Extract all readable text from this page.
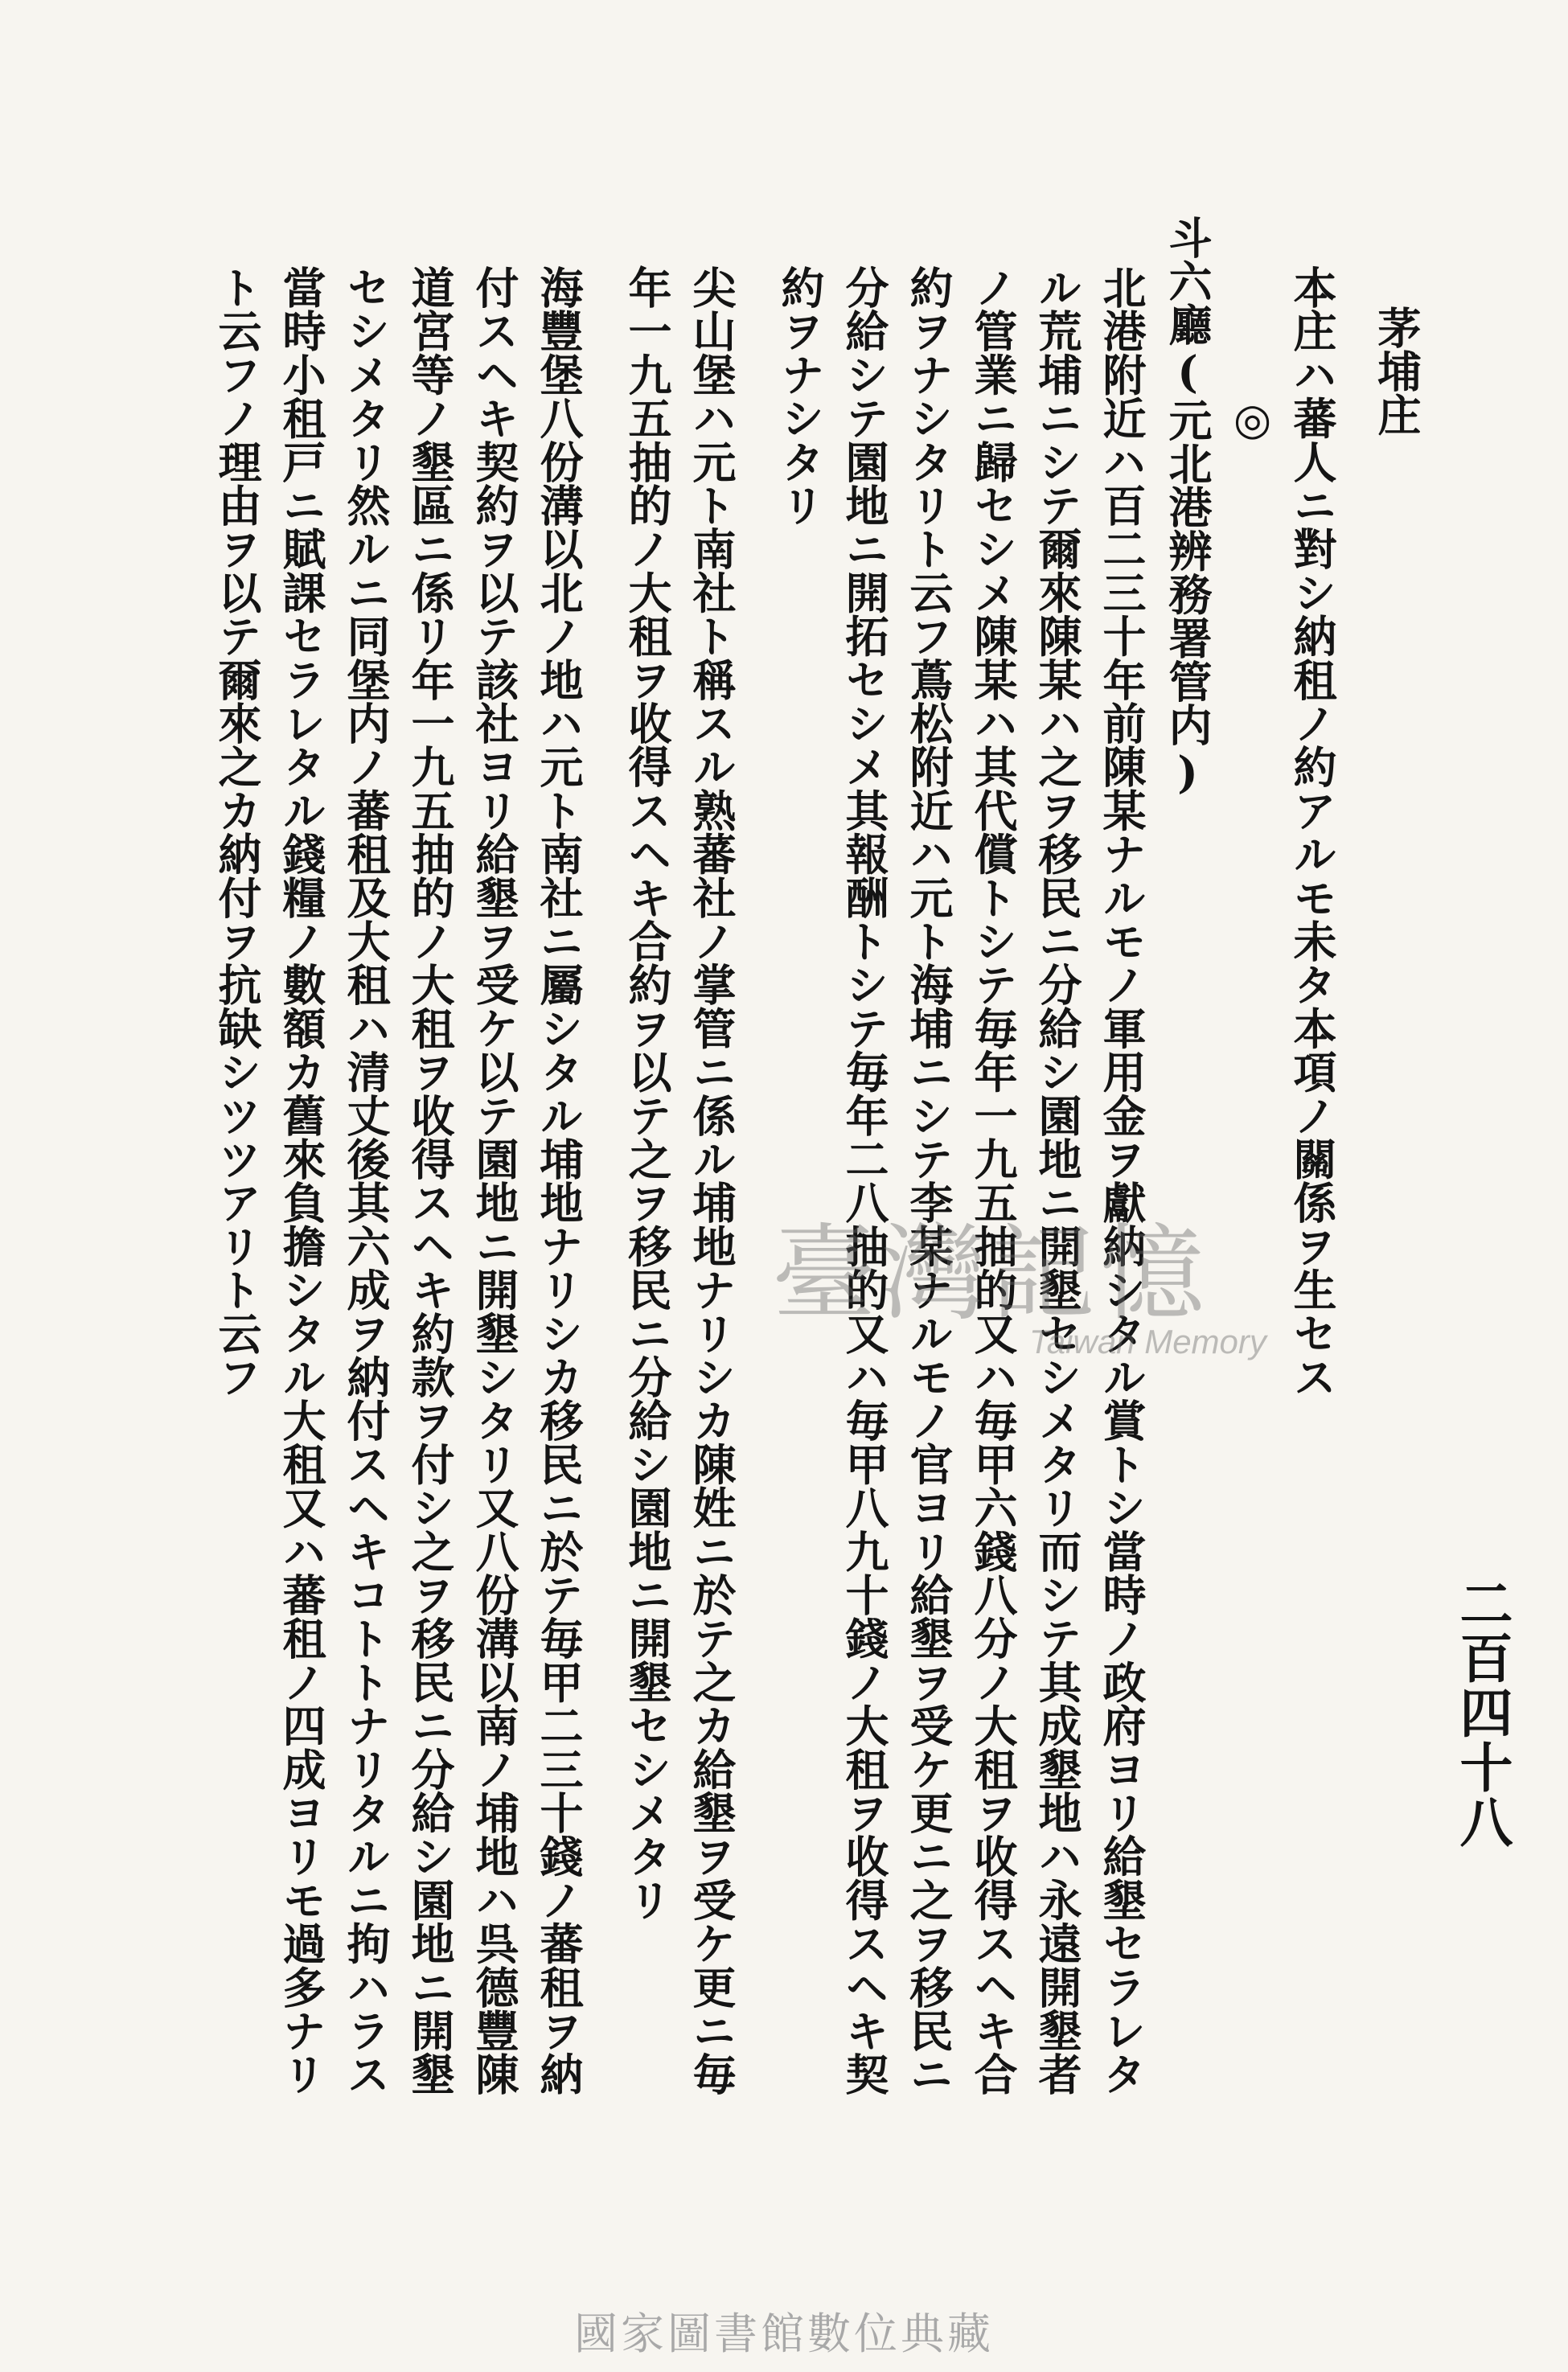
二百四十八
茅埔庄
本庄ハ蕃人ニ對シ納租ノ約アルモ未タ本項ノ關係ヲ生セス
◎
斗六廳(元北港辨務署管内)
北港附近ハ百二三十年前陳某ナルモノ軍用金ヲ獻納シタル賞トシ當時ノ政府ヨリ給墾セラレタ
ル荒埔ニシテ爾來陳某ハ之ヲ移民ニ分給シ園地ニ開墾セシメタリ而シテ其成墾地ハ永遠開墾者
ノ管業ニ歸セシメ陳某ハ其代償トシテ毎年一九五抽的又ハ毎甲六錢八分ノ大租ヲ收得スヘキ合
約ヲナシタリト云フ蔦松附近ハ元ト海埔ニシテ李某ナルモノ官ヨリ給墾ヲ受ケ更ニ之ヲ移民ニ
分給シテ園地ニ開拓セシメ其報酬トシテ毎年二八抽的又ハ毎甲八九十錢ノ大租ヲ收得スヘキ契
約ヲナシタリ
尖山堡ハ元ト南社ト稱スル熟蕃社ノ掌管ニ係ル埔地ナリシカ陳姓ニ於テ之カ給墾ヲ受ケ更ニ毎
年一九五抽的ノ大租ヲ收得スヘキ合約ヲ以テ之ヲ移民ニ分給シ園地ニ開墾セシメタリ
海豐堡八份溝以北ノ地ハ元ト南社ニ屬シタル埔地ナリシカ移民ニ於テ毎甲二三十錢ノ蕃租ヲ納
付スヘキ契約ヲ以テ該社ヨリ給墾ヲ受ケ以テ園地ニ開墾シタリ又八份溝以南ノ埔地ハ呉德豐陳
道宮等ノ墾區ニ係リ年一九五抽的ノ大租ヲ收得スヘキ約款ヲ付シ之ヲ移民ニ分給シ園地ニ開墾
セシメタリ然ルニ同堡内ノ蕃租及大租ハ清丈後其六成ヲ納付スヘキコトトナリタルニ拘ハラス
當時小租戸ニ賦課セラレタル錢糧ノ數額カ舊來負擔シタル大租又ハ蕃租ノ四成ヨリモ過多ナリ
ト云フノ理由ヲ以テ爾來之カ納付ヲ抗缺シツツアリト云フ	臺灣記憶
Taiwan Memory
國家圖書館數位典藏
